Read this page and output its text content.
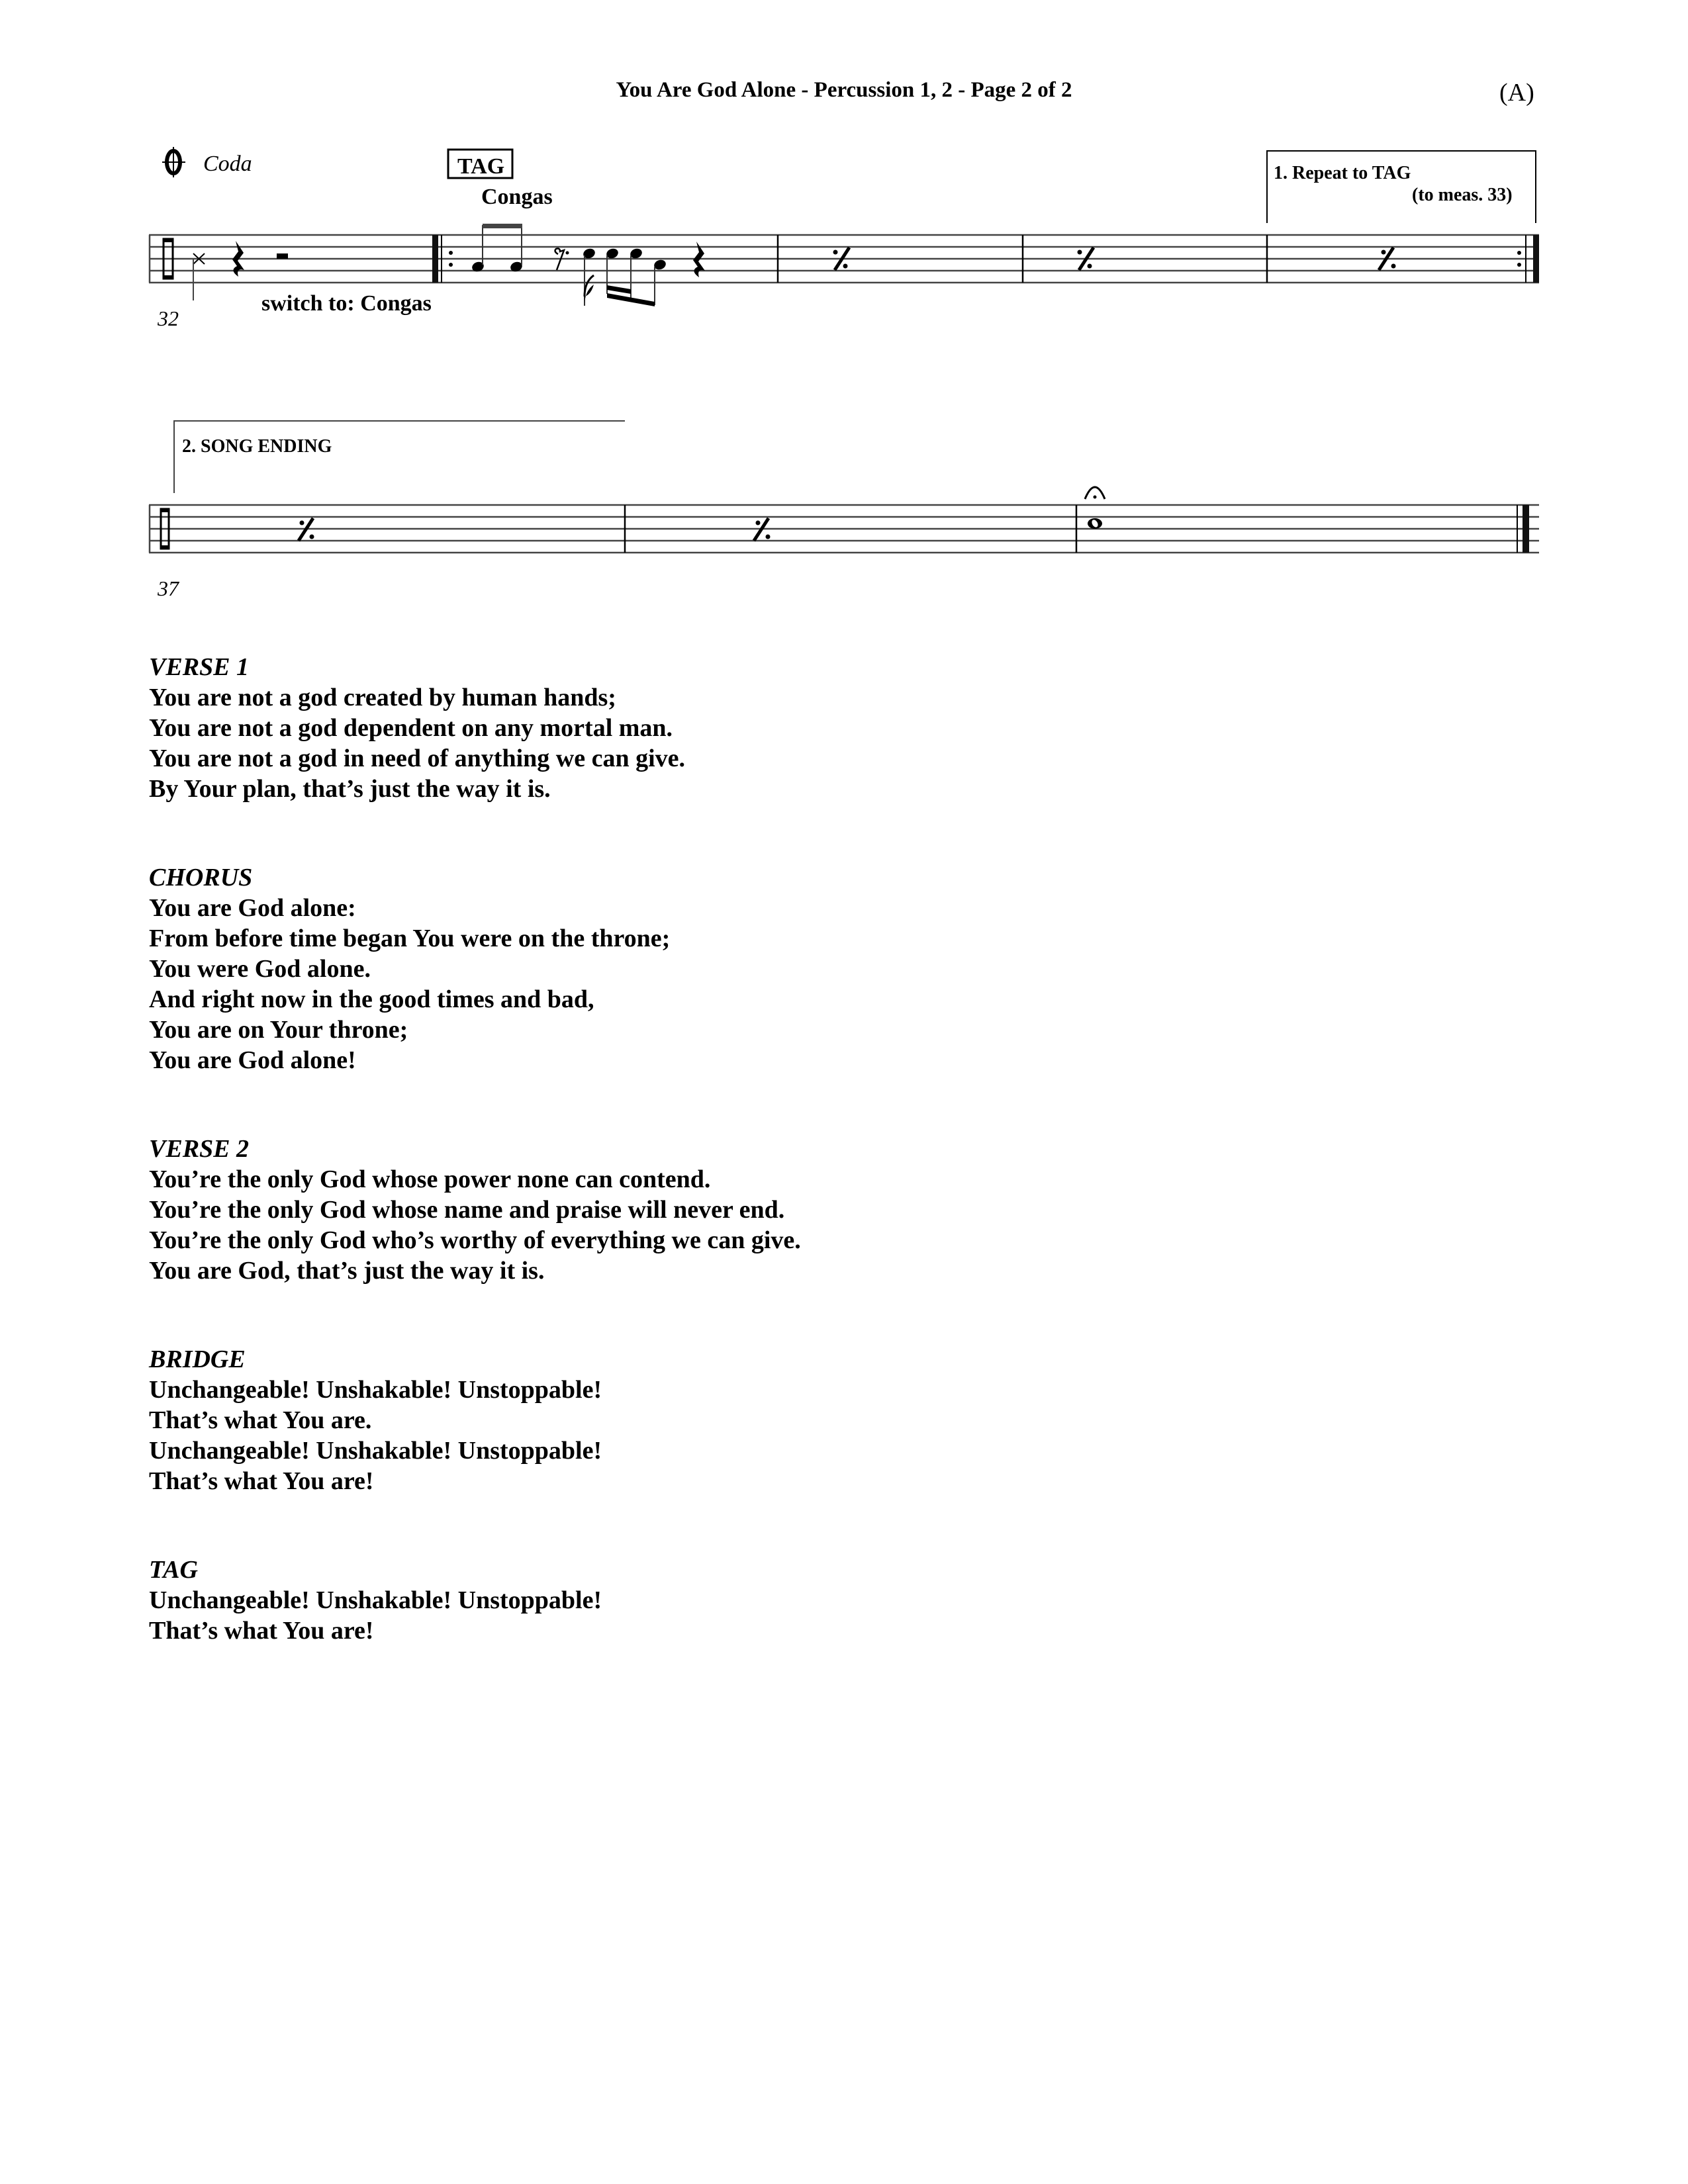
You Are God Alone - Percussion 1, 2 - Page 2 of 2	(A)
Coda	TAG
Congas
1. Repeat to TAG
(to meas. 33)
switch to: Congas
32
2. SONG ENDING
37
VERSE 1
You are not a god created by human hands;
You are not a god dependent on any mortal man.
You are not a god in need of anything we can give.
By Your plan, that’s just the way it is.
CHORUS
You are God alone:
From before time began You were on the throne;
You were God alone.
And right now in the good times and bad,
You are on Your throne;
You are God alone!
VERSE 2
You’re the only God whose power none can contend.
You’re the only God whose name and praise will never end.
You’re the only God who’s worthy of everything we can give.
You are God, that’s just the way it is.
BRIDGE
Unchangeable! Unshakable! Unstoppable!
That’s what You are.
Unchangeable! Unshakable! Unstoppable!
That’s what You are!
TAG
Unchangeable! Unshakable! Unstoppable!
That’s what You are!
